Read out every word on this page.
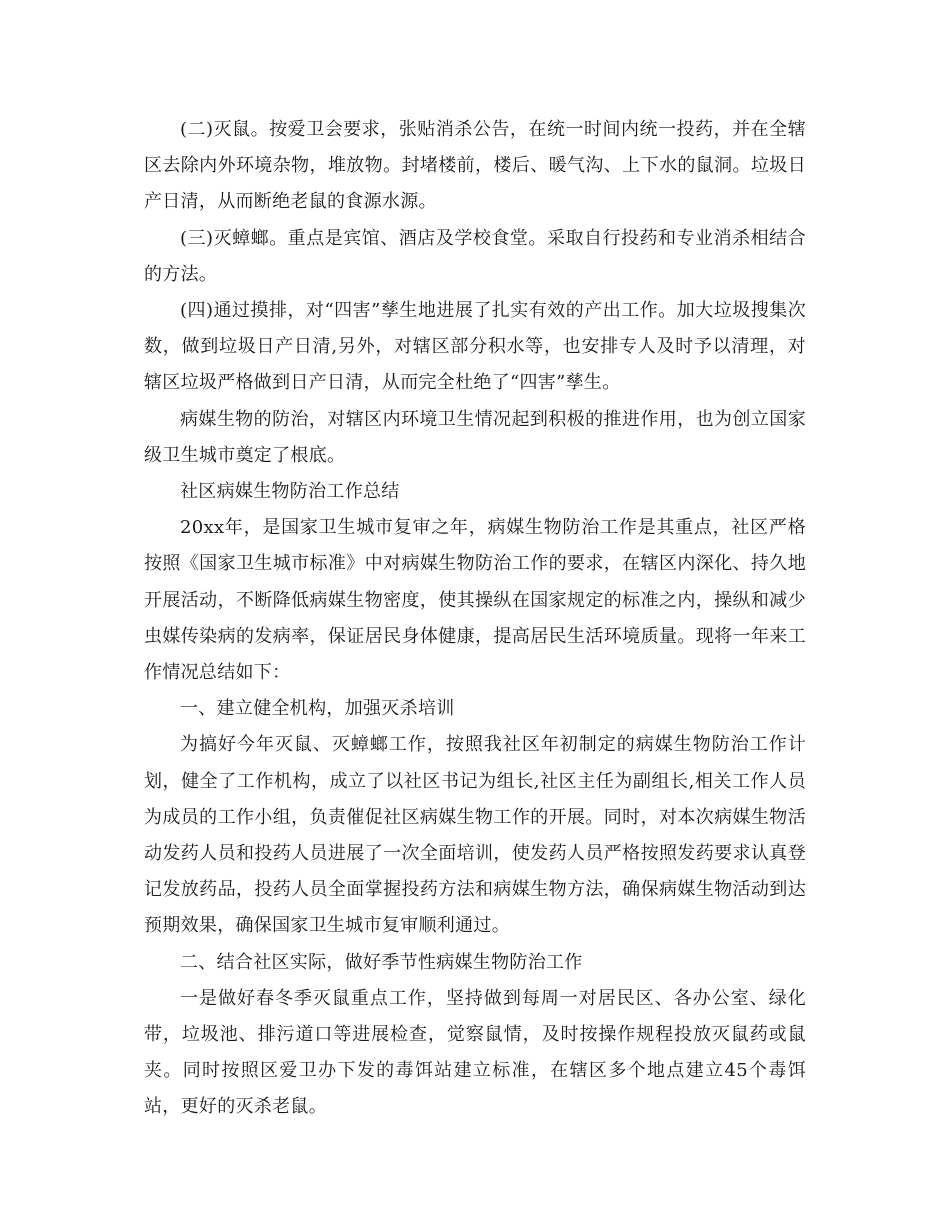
(二)灭鼠。按爱卫会要求，张贴消杀公告，在统一时间内统一投药，并在全辖区去除内外环境杂物，堆放物。封堵楼前，楼后、暖气沟、上下水的鼠洞。垃圾日产日清，从而断绝老鼠的食源水源。

(三)灭蟑螂。重点是宾馆、酒店及学校食堂。采取自行投药和专业消杀相结合的方法。

(四)通过摸排，对“四害”孳生地进展了扎实有效的产出工作。加大垃圾搜集次数，做到垃圾日产日清,另外，对辖区部分积水等，也安排专人及时予以清理，对辖区垃圾严格做到日产日清，从而完全杜绝了“四害”孳生。

病媒生物的防治，对辖区内环境卫生情况起到积极的推进作用，也为创立国家级卫生城市奠定了根底。

社区病媒生物防治工作总结

20xx年，是国家卫生城市复审之年，病媒生物防治工作是其重点，社区严格按照《国家卫生城市标准》中对病媒生物防治工作的要求，在辖区内深化、持久地开展活动，不断降低病媒生物密度，使其操纵在国家规定的标准之内，操纵和减少虫媒传染病的发病率，保证居民身体健康，提高居民生活环境质量。现将一年来工作情况总结如下：

一、建立健全机构，加强灭杀培训

为搞好今年灭鼠、灭蟑螂工作，按照我社区年初制定的病媒生物防治工作计划，健全了工作机构，成立了以社区书记为组长,社区主任为副组长,相关工作人员为成员的工作小组，负责催促社区病媒生物工作的开展。同时，对本次病媒生物活动发药人员和投药人员进展了一次全面培训，使发药人员严格按照发药要求认真登记发放药品，投药人员全面掌握投药方法和病媒生物方法，确保病媒生物活动到达预期效果，确保国家卫生城市复审顺利通过。

二、结合社区实际，做好季节性病媒生物防治工作

一是做好春冬季灭鼠重点工作，坚持做到每周一对居民区、各办公室、绿化带，垃圾池、排污道口等进展检查，觉察鼠情，及时按操作规程投放灭鼠药或鼠夹。同时按照区爱卫办下发的毒饵站建立标准，在辖区多个地点建立45个毒饵站，更好的灭杀老鼠。
